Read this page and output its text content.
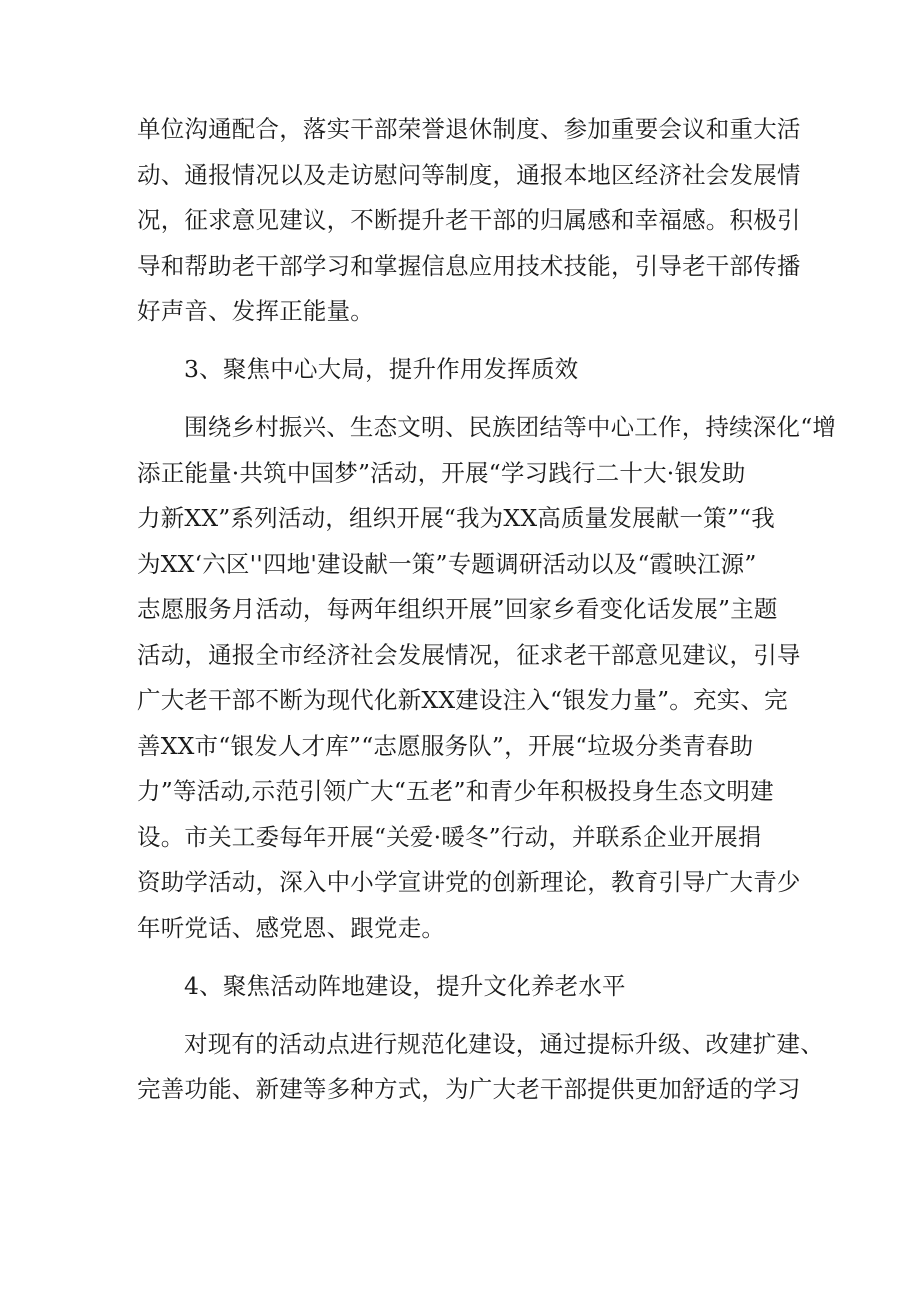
单位沟通配合，落实干部荣誉退休制度、参加重要会议和重大活
动、通报情况以及走访慰问等制度，通报本地区经济社会发展情
况，征求意见建议，不断提升老干部的归属感和幸福感。积极引
导和帮助老干部学习和掌握信息应用技术技能，引导老干部传播
好声音、发挥正能量。
3、聚焦中心大局，提升作用发挥质效
围绕乡村振兴、生态文明、民族团结等中心工作，持续深化“增
添正能量·共筑中国梦”活动，开展“学习践行二十大·银发助
力新XX”系列活动，组织开展“我为XX高质量发展献一策”“我
为XX‘六区''四地'建设献一策”专题调研活动以及“霞映江源”
志愿服务月活动，每两年组织开展”回家乡看变化话发展”主题
活动，通报全市经济社会发展情况，征求老干部意见建议，引导
广大老干部不断为现代化新XX建设注入“银发力量”。充实、完
善XX市“银发人才库”“志愿服务队”，开展“垃圾分类青春助
力”等活动,示范引领广大“五老”和青少年积极投身生态文明建
设。市关工委每年开展“关爱·暖冬”行动，并联系企业开展捐
资助学活动，深入中小学宣讲党的创新理论，教育引导广大青少
年听党话、感党恩、跟党走。
4、聚焦活动阵地建设，提升文化养老水平
对现有的活动点进行规范化建设，通过提标升级、改建扩建、
完善功能、新建等多种方式，为广大老干部提供更加舒适的学习
